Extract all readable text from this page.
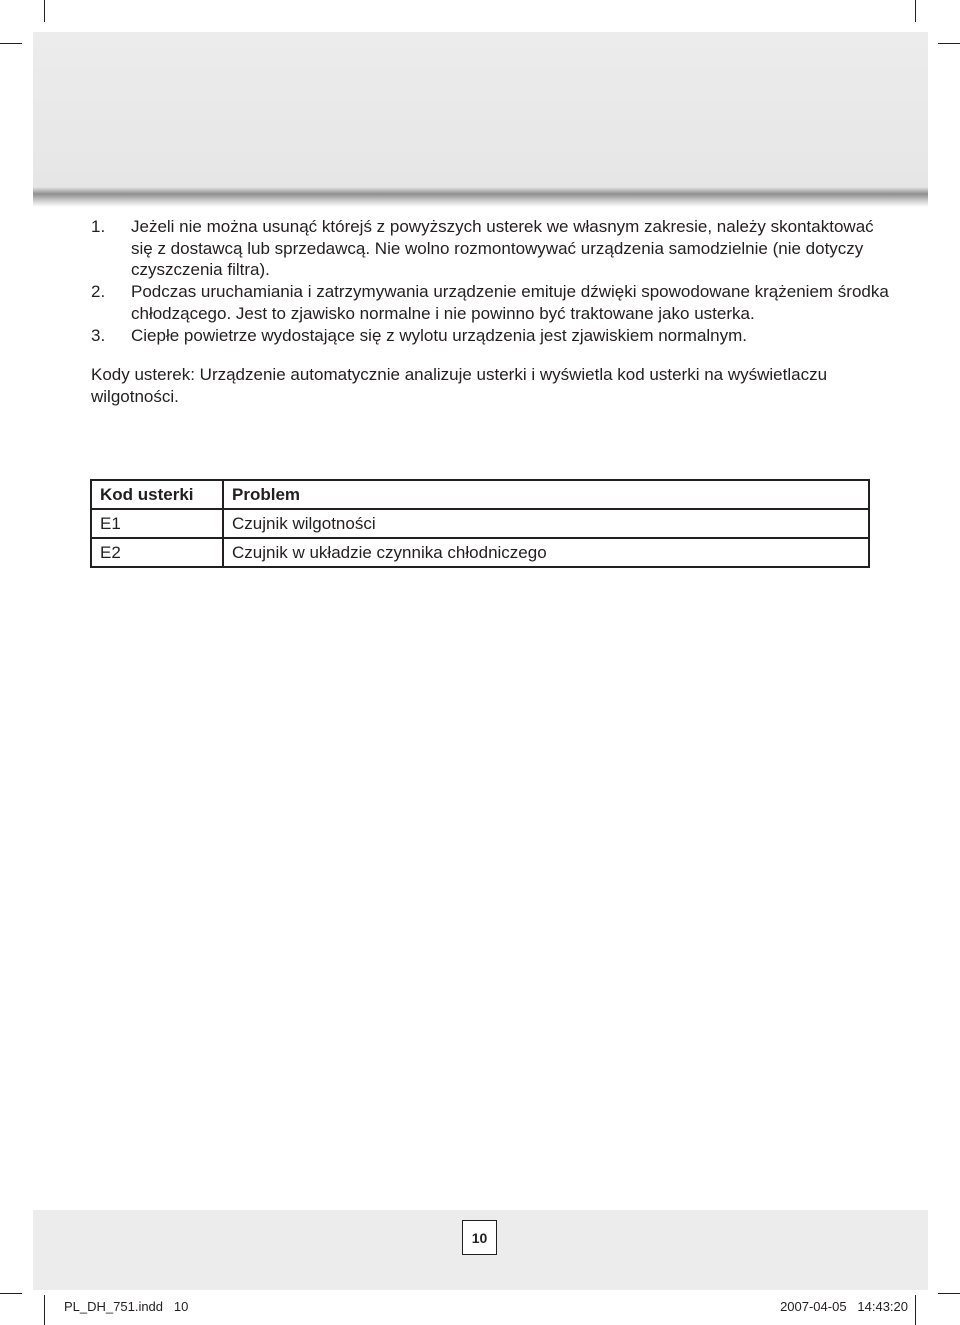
1. Jeżeli nie można usunąć którejś z powyższych usterek we własnym zakresie, należy skontaktować się z dostawcą lub sprzedawcą. Nie wolno rozmontowywać urządzenia samodzielnie (nie dotyczy czyszczenia filtra).
2. Podczas uruchamiania i zatrzymywania urządzenie emituje dźwięki spowodowane krążeniem środka chłodzącego. Jest to zjawisko normalne i nie powinno być traktowane jako usterka.
3. Ciepłe powietrze wydostające się z wylotu urządzenia jest zjawiskiem normalnym.

Kody usterek: Urządzenie automatycznie analizuje usterki i wyświetla kod usterki na wyświetlaczu wilgotności.

Kod usterki	Problem
E1	Czujnik wilgotności
E2	Czujnik w układzie czynnika chłodniczego
10
PL_DH_751.indd   10	2007-04-05   14:43:20
